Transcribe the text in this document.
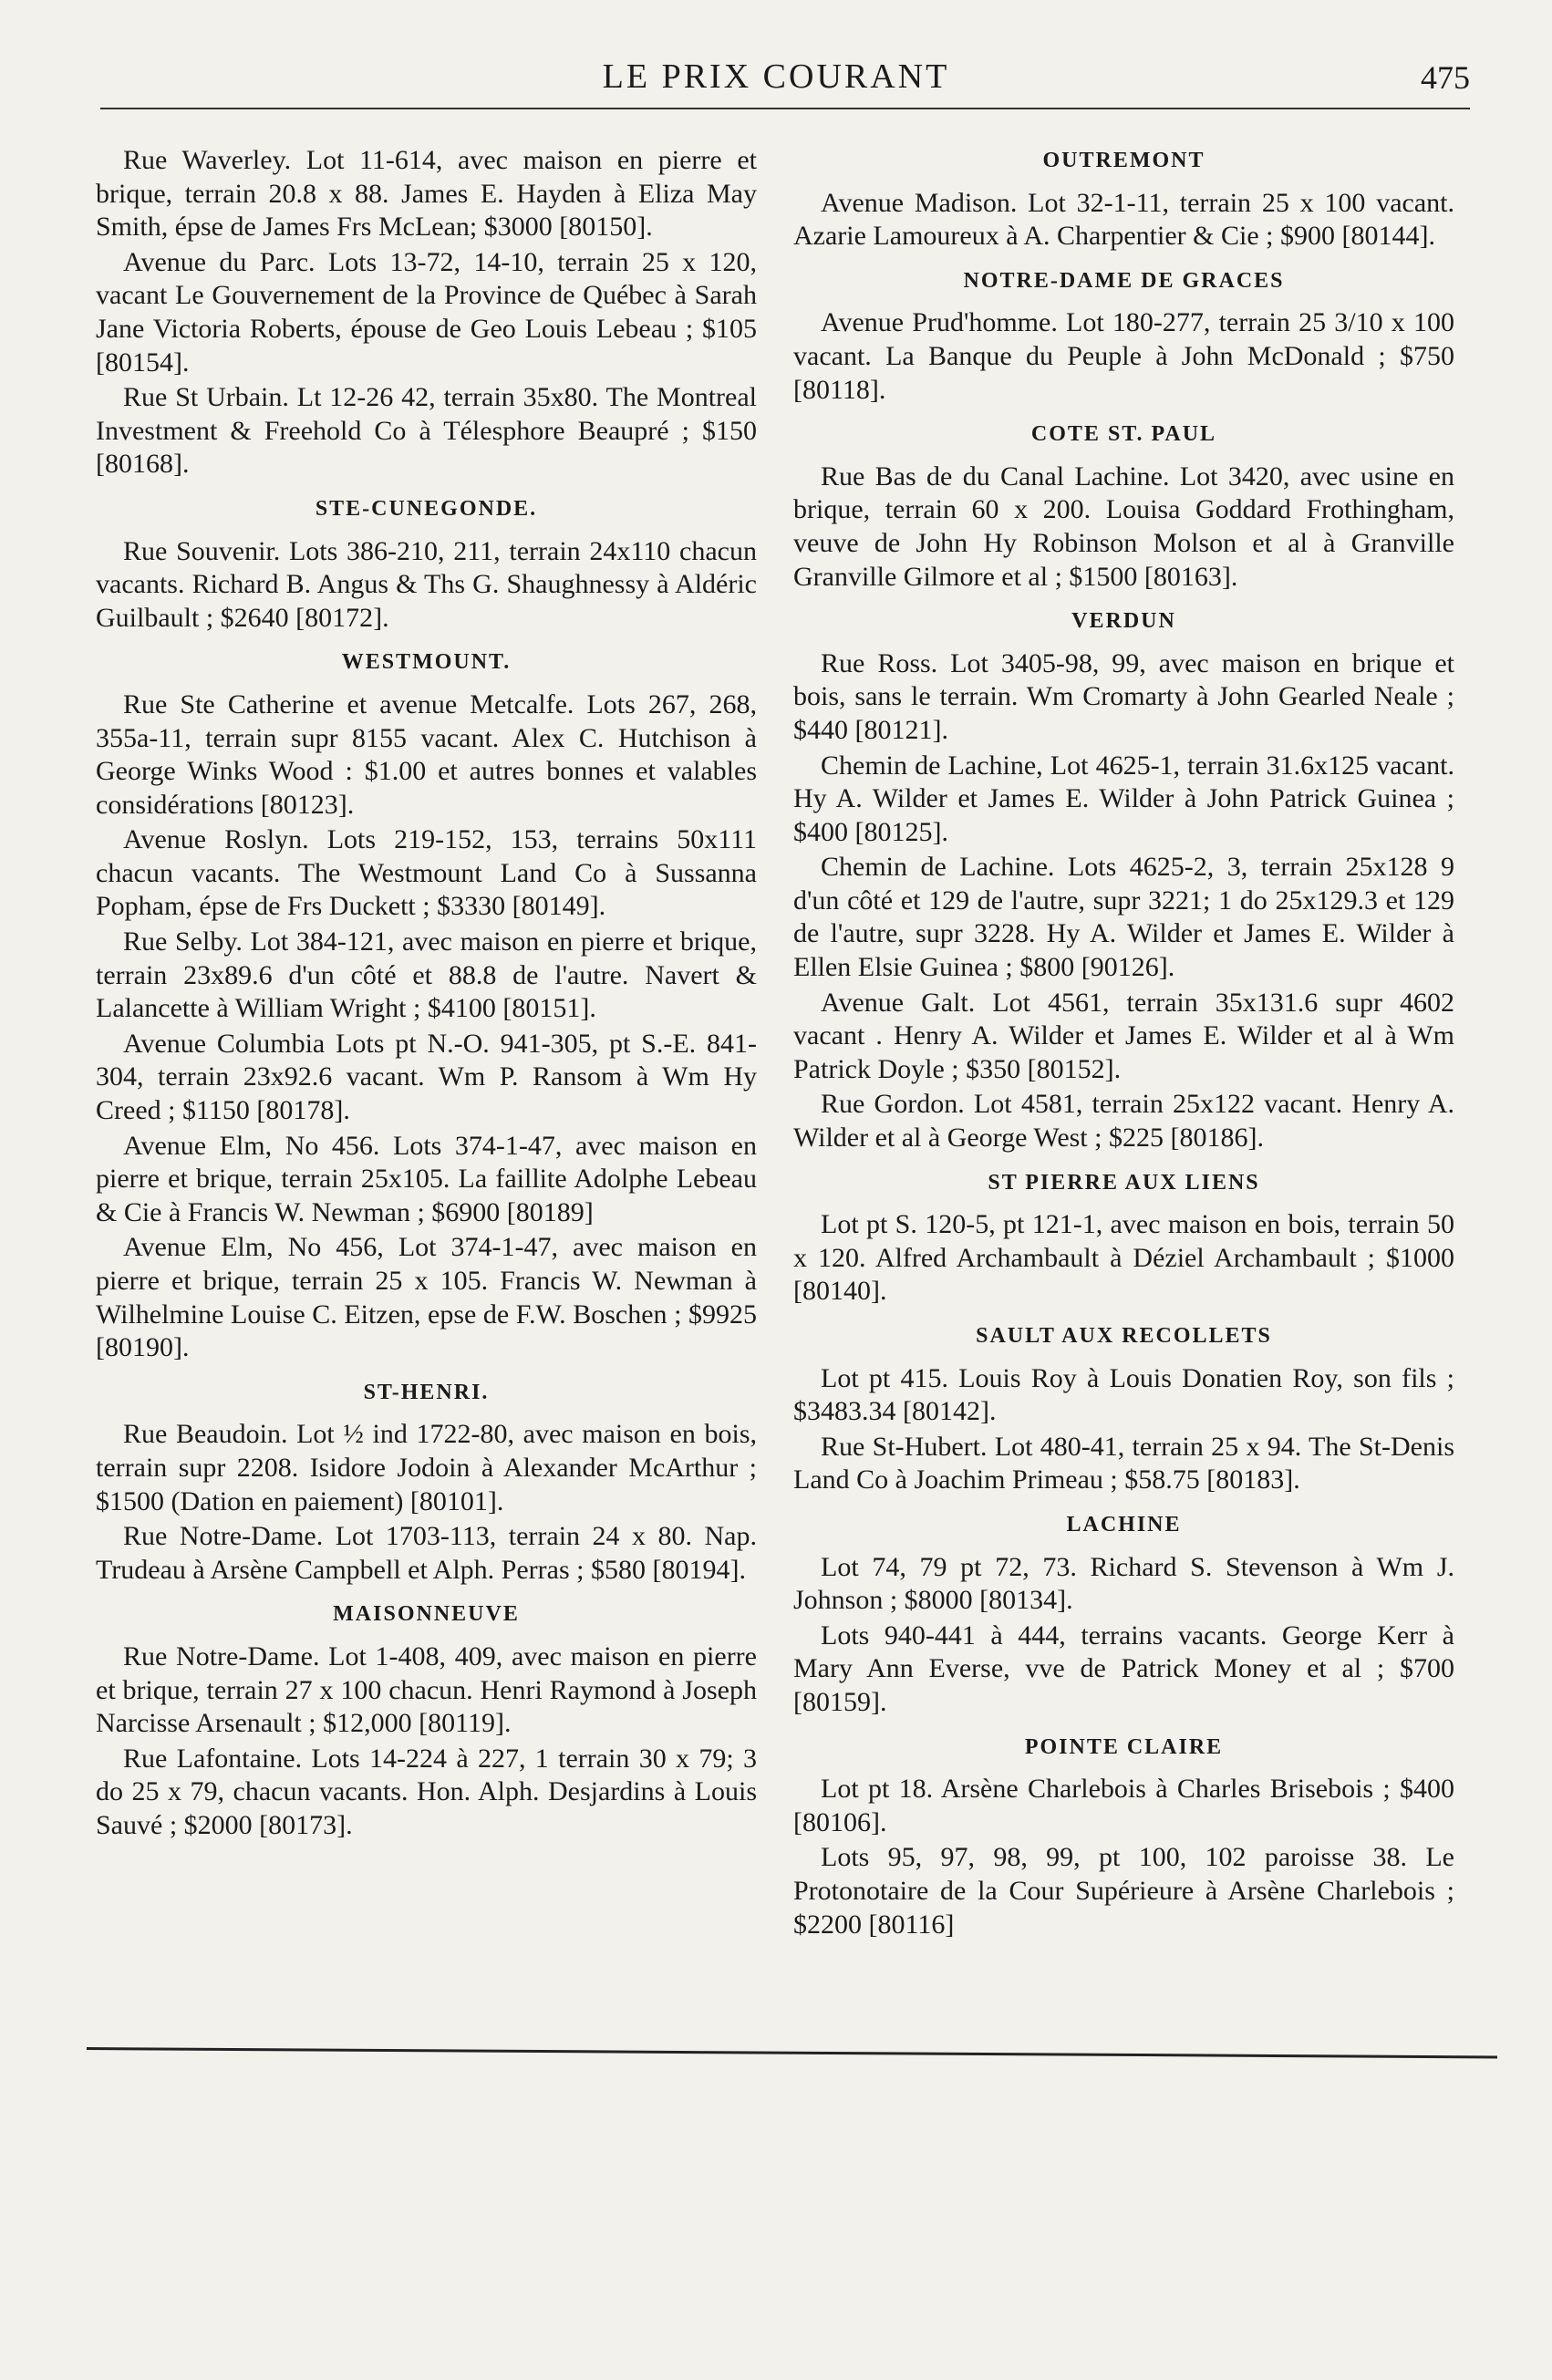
LE PRIX COURANT	475

Rue Waverley. Lot 11-614, avec maison en pierre et brique, terrain 20.8 x 88. James E. Hayden à Eliza May Smith, épse de James Frs McLean; $3000 [80150].

Avenue du Parc. Lots 13-72, 14-10, terrain 25 x 120, vacant Le Gouvernement de la Province de Québec à Sarah Jane Victoria Roberts, épouse de Geo Louis Lebeau ; $105 [80154].

Rue St Urbain. Lt 12-26 42, terrain 35x80. The Montreal Investment & Freehold Co à Télesphore Beaupré ; $150 [80168].

STE-CUNEGONDE.

Rue Souvenir. Lots 386-210, 211, terrain 24x110 chacun vacants. Richard B. Angus & Ths G. Shaughnessy à Aldéric Guilbault ; $2640 [80172].

WESTMOUNT.

Rue Ste Catherine et avenue Metcalfe. Lots 267, 268, 355a-11, terrain supr 8155 vacant. Alex C. Hutchison à George Winks Wood : $1.00 et autres bonnes et valables considérations [80123].

Avenue Roslyn. Lots 219-152, 153, terrains 50x111 chacun vacants. The Westmount Land Co à Sussanna Popham, épse de Frs Duckett ; $3330 [80149].

Rue Selby. Lot 384-121, avec maison en pierre et brique, terrain 23x89.6 d'un côté et 88.8 de l'autre. Navert & Lalancette à William Wright ; $4100 [80151].

Avenue Columbia Lots pt N.-O. 941-305, pt S.-E. 841-304, terrain 23x92.6 vacant. Wm P. Ransom à Wm Hy Creed ; $1150 [80178].

Avenue Elm, No 456. Lots 374-1-47, avec maison en pierre et brique, terrain 25x105. La faillite Adolphe Lebeau & Cie à Francis W. Newman ; $6900 [80189]

Avenue Elm, No 456, Lot 374-1-47, avec maison en pierre et brique, terrain 25 x 105. Francis W. Newman à Wilhelmine Louise C. Eitzen, epse de F.W. Boschen ; $9925 [80190].

ST-HENRI.

Rue Beaudoin. Lot ½ ind 1722-80, avec maison en bois, terrain supr 2208. Isidore Jodoin à Alexander McArthur ; $1500 (Dation en paiement) [80101].

Rue Notre-Dame. Lot 1703-113, terrain 24 x 80. Nap. Trudeau à Arsène Campbell et Alph. Perras ; $580 [80194].

MAISONNEUVE

Rue Notre-Dame. Lot 1-408, 409, avec maison en pierre et brique, terrain 27 x 100 chacun. Henri Raymond à Joseph Narcisse Arsenault ; $12,000 [80119].

Rue Lafontaine. Lots 14-224 à 227, 1 terrain 30 x 79; 3 do 25 x 79, chacun vacants. Hon. Alph. Desjardins à Louis Sauvé ; $2000 [80173].

OUTREMONT

Avenue Madison. Lot 32-1-11, terrain 25 x 100 vacant. Azarie Lamoureux à A. Charpentier & Cie ; $900 [80144].

NOTRE-DAME DE GRACES

Avenue Prud'homme. Lot 180-277, terrain 25 3/10 x 100 vacant. La Banque du Peuple à John McDonald ; $750 [80118].

COTE ST. PAUL

Rue Bas de du Canal Lachine. Lot 3420, avec usine en brique, terrain 60 x 200. Louisa Goddard Frothingham, veuve de John Hy Robinson Molson et al à Granville Granville Gilmore et al ; $1500 [80163].

VERDUN

Rue Ross. Lot 3405-98, 99, avec maison en brique et bois, sans le terrain. Wm Cromarty à John Gearled Neale ; $440 [80121].

Chemin de Lachine, Lot 4625-1, terrain 31.6x125 vacant. Hy A. Wilder et James E. Wilder à John Patrick Guinea ; $400 [80125].

Chemin de Lachine. Lots 4625-2, 3, terrain 25x128 9 d'un côté et 129 de l'autre, supr 3221; 1 do 25x129.3 et 129 de l'autre, supr 3228. Hy A. Wilder et James E. Wilder à Ellen Elsie Guinea ; $800 [90126].

Avenue Galt. Lot 4561, terrain 35x131.6 supr 4602 vacant . Henry A. Wilder et James E. Wilder et al à Wm Patrick Doyle ; $350 [80152].

Rue Gordon. Lot 4581, terrain 25x122 vacant. Henry A. Wilder et al à George West ; $225 [80186].

ST PIERRE AUX LIENS

Lot pt S. 120-5, pt 121-1, avec maison en bois, terrain 50 x 120. Alfred Archambault à Déziel Archambault ; $1000 [80140].

SAULT AUX RECOLLETS

Lot pt 415. Louis Roy à Louis Donatien Roy, son fils ; $3483.34 [80142].

Rue St-Hubert. Lot 480-41, terrain 25 x 94. The St-Denis Land Co à Joachim Primeau ; $58.75 [80183].

LACHINE

Lot 74, 79 pt 72, 73. Richard S. Stevenson à Wm J. Johnson ; $8000 [80134].

Lots 940-441 à 444, terrains vacants. George Kerr à Mary Ann Everse, vve de Patrick Money et al ; $700 [80159].

POINTE CLAIRE

Lot pt 18. Arsène Charlebois à Charles Brisebois ; $400 [80106].

Lots 95, 97, 98, 99, pt 100, 102 paroisse 38. Le Protonotaire de la Cour Supérieure à Arsène Charlebois ; $2200 [80116]
